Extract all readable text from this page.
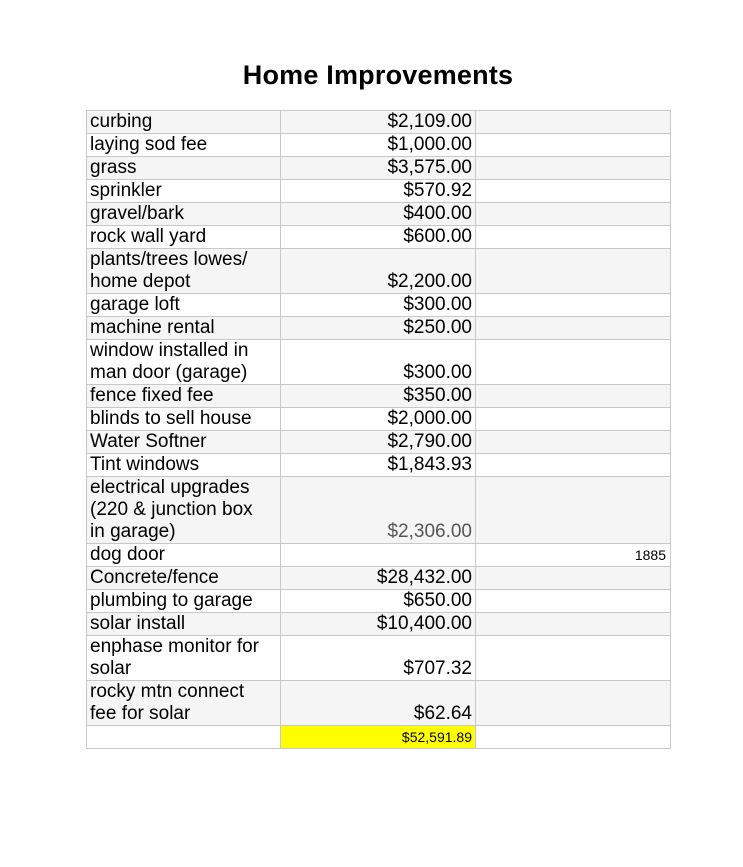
Home Improvements
curbing	$2,109.00	
laying sod fee	$1,000.00	
grass	$3,575.00	
sprinkler	$570.92	
gravel/bark	$400.00	
rock wall yard	$600.00	
plants/trees lowes/
home depot	$2,200.00	
garage loft	$300.00	
machine rental	$250.00	
window installed in
man door (garage)	$300.00	
fence fixed fee	$350.00	
blinds to sell house	$2,000.00	
Water Softner	$2,790.00	
Tint windows	$1,843.93	
electrical upgrades
(220 & junction box
in garage)	$2,306.00	
dog door		1885
Concrete/fence	$28,432.00	
plumbing to garage	$650.00	
solar install	$10,400.00	
enphase monitor for
solar	$707.32	
rocky mtn connect
fee for solar	$62.64	
	$52,591.89	
